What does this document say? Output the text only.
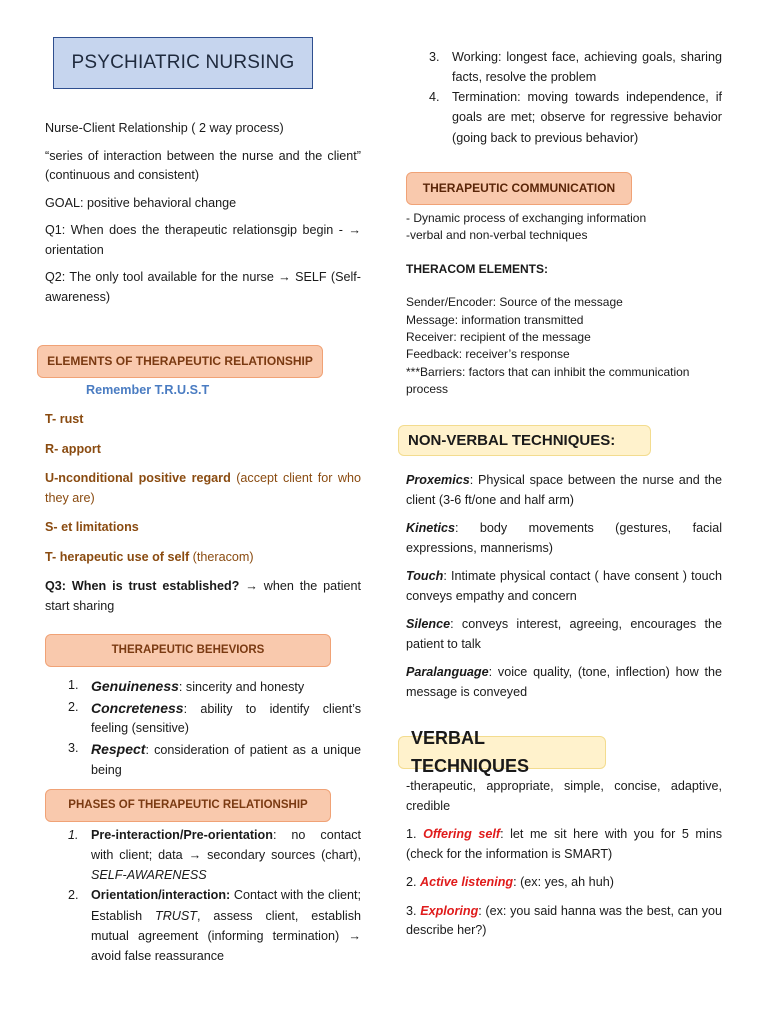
PSYCHIATRIC NURSING

Nurse-Client Relationship ( 2 way process)

“series of interaction between the nurse and the client” (continuous and consistent)

GOAL: positive behavioral change

Q1: When does the therapeutic relationsgip begin - → orientation

Q2: The only tool available for the nurse → SELF (Self-awareness)

ELEMENTS OF THERAPEUTIC RELATIONSHIP
Remember T.R.U.S.T

T- rust

R- apport

U-nconditional positive regard (accept client for who they are)

S- et limitations

T- herapeutic use of self (theracom)

Q3: When is trust established? → when the patient start sharing

THERAPEUTIC BEHEVIORS
1. Genuineness: sincerity and honesty
2. Concreteness: ability to identify client’s feeling (sensitive)
3. Respect: consideration of patient as a unique being
PHASES OF THERAPEUTIC RELATIONSHIP
1. Pre-interaction/Pre-orientation: no contact with client; data → secondary sources (chart), SELF-AWARENESS
2. Orientation/interaction: Contact with the client; Establish TRUST, assess client, establish mutual agreement (informing termination) → avoid false reassurance
3. Working: longest face, achieving goals, sharing facts, resolve the problem
4. Termination: moving towards independence, if goals are met; observe for regressive behavior (going back to previous behavior)
THERAPEUTIC COMMUNICATION

- Dynamic process of exchanging information

-verbal and non-verbal techniques

THERACOM ELEMENTS:

Sender/Encoder: Source of the message

Message: information transmitted

Receiver: recipient of the message

Feedback: receiver’s response

***Barriers: factors that can inhibit the communication process

NON-VERBAL TECHNIQUES:

Proxemics: Physical space between the nurse and the client (3-6 ft/one and half arm)

Kinetics: body movements (gestures, facial expressions, mannerisms)

Touch: Intimate physical contact ( have consent ) touch conveys empathy and concern

Silence: conveys interest, agreeing, encourages the patient to talk

Paralanguage: voice quality, (tone, inflection) how the message is conveyed

VERBAL TECHNIQUES

-therapeutic, appropriate, simple, concise, adaptive, credible

1. Offering self: let me sit here with you for 5 mins (check for the information is SMART)

2. Active listening: (ex: yes, ah huh)

3. Exploring: (ex: you said hanna was the best, can you describe her?)
